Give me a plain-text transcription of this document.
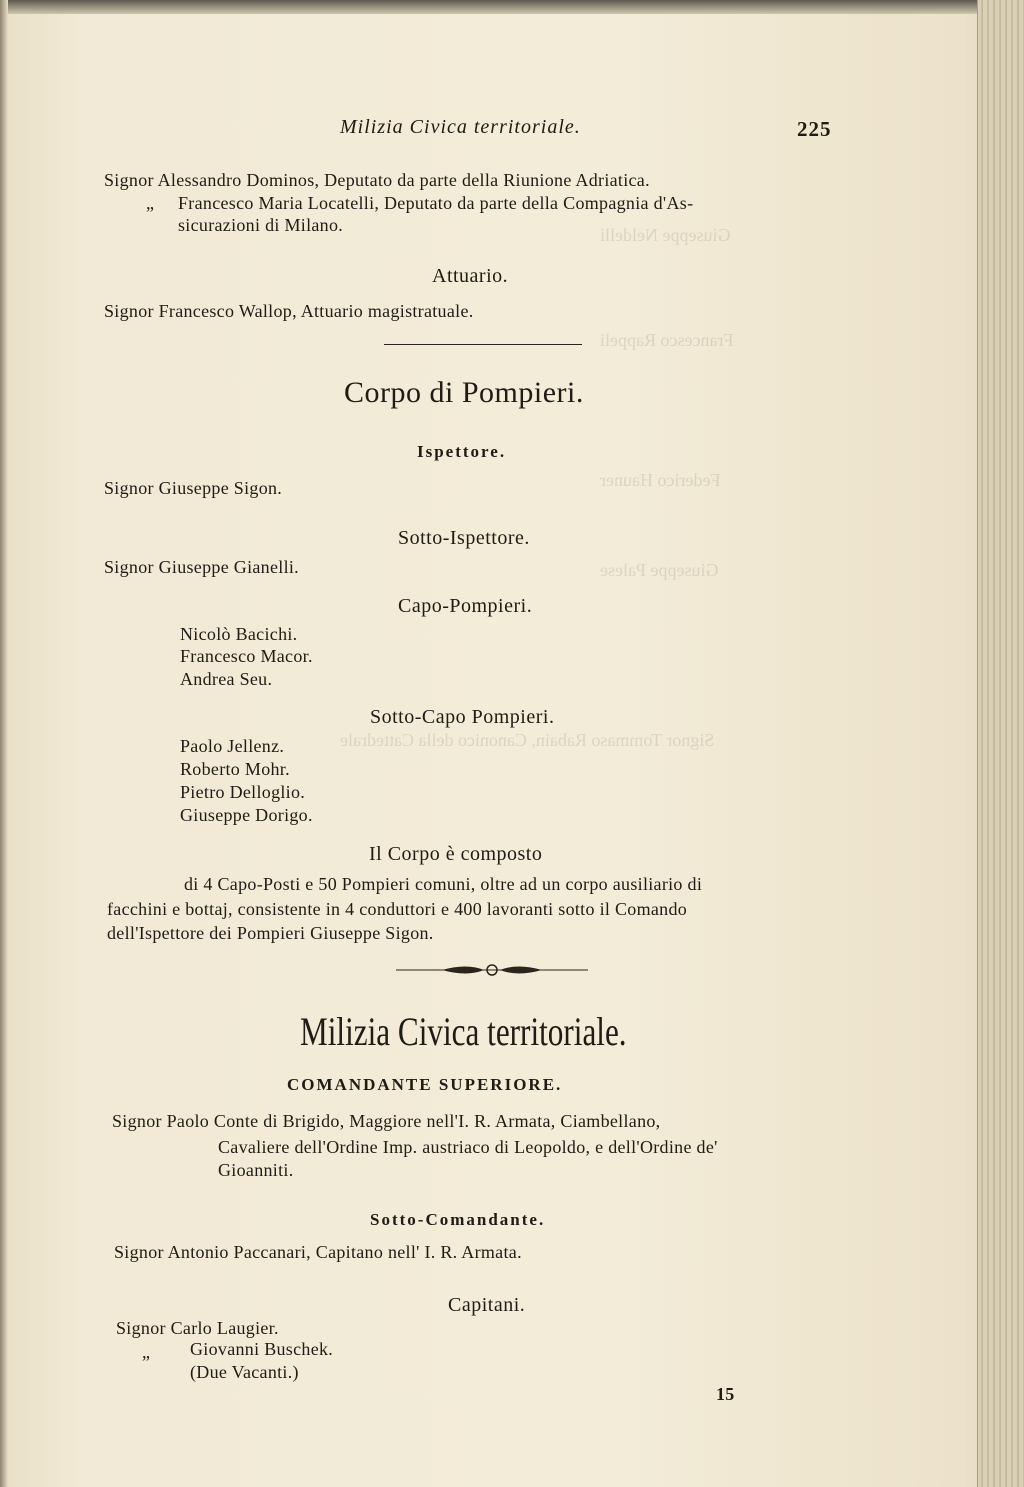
Giuseppe Neldelli
Francesco Rappeli
Federico Hauner
Giuseppe Palese
Signor Tommaso Rabain, Canonico della Cattedrale
Milizia Civica territoriale.	225
Signor Alessandro Dominos, Deputato da parte della Riunione Adriatica.
„ Francesco Maria Locatelli, Deputato da parte della Compagnia d'As-
sicurazioni di Milano.
Attuario.
Signor Francesco Wallop, Attuario magistratuale.
Corpo di Pompieri.
Ispettore.
Signor Giuseppe Sigon.
Sotto-Ispettore.
Signor Giuseppe Gianelli.
Capo-Pompieri.
Nicolò Bacichi.
Francesco Macor.
Andrea Seu.
Sotto-Capo Pompieri.
Paolo Jellenz.
Roberto Mohr.
Pietro Delloglio.
Giuseppe Dorigo.
Il Corpo è composto
di 4 Capo-Posti e 50 Pompieri comuni, oltre ad un corpo ausiliario di
facchini e bottaj, consistente in 4 conduttori e 400 lavoranti sotto il Comando
dell'Ispettore dei Pompieri Giuseppe Sigon.
Milizia Civica territoriale.
COMANDANTE SUPERIORE.
Signor Paolo Conte di Brigido, Maggiore nell'I. R. Armata, Ciambellano,
Cavaliere dell'Ordine Imp. austriaco di Leopoldo, e dell'Ordine de'
Gioanniti.
Sotto-Comandante.
Signor Antonio Paccanari, Capitano nell' I. R. Armata.
Capitani.
Signor Carlo Laugier.
„ Giovanni Buschek.
(Due Vacanti.)
15
